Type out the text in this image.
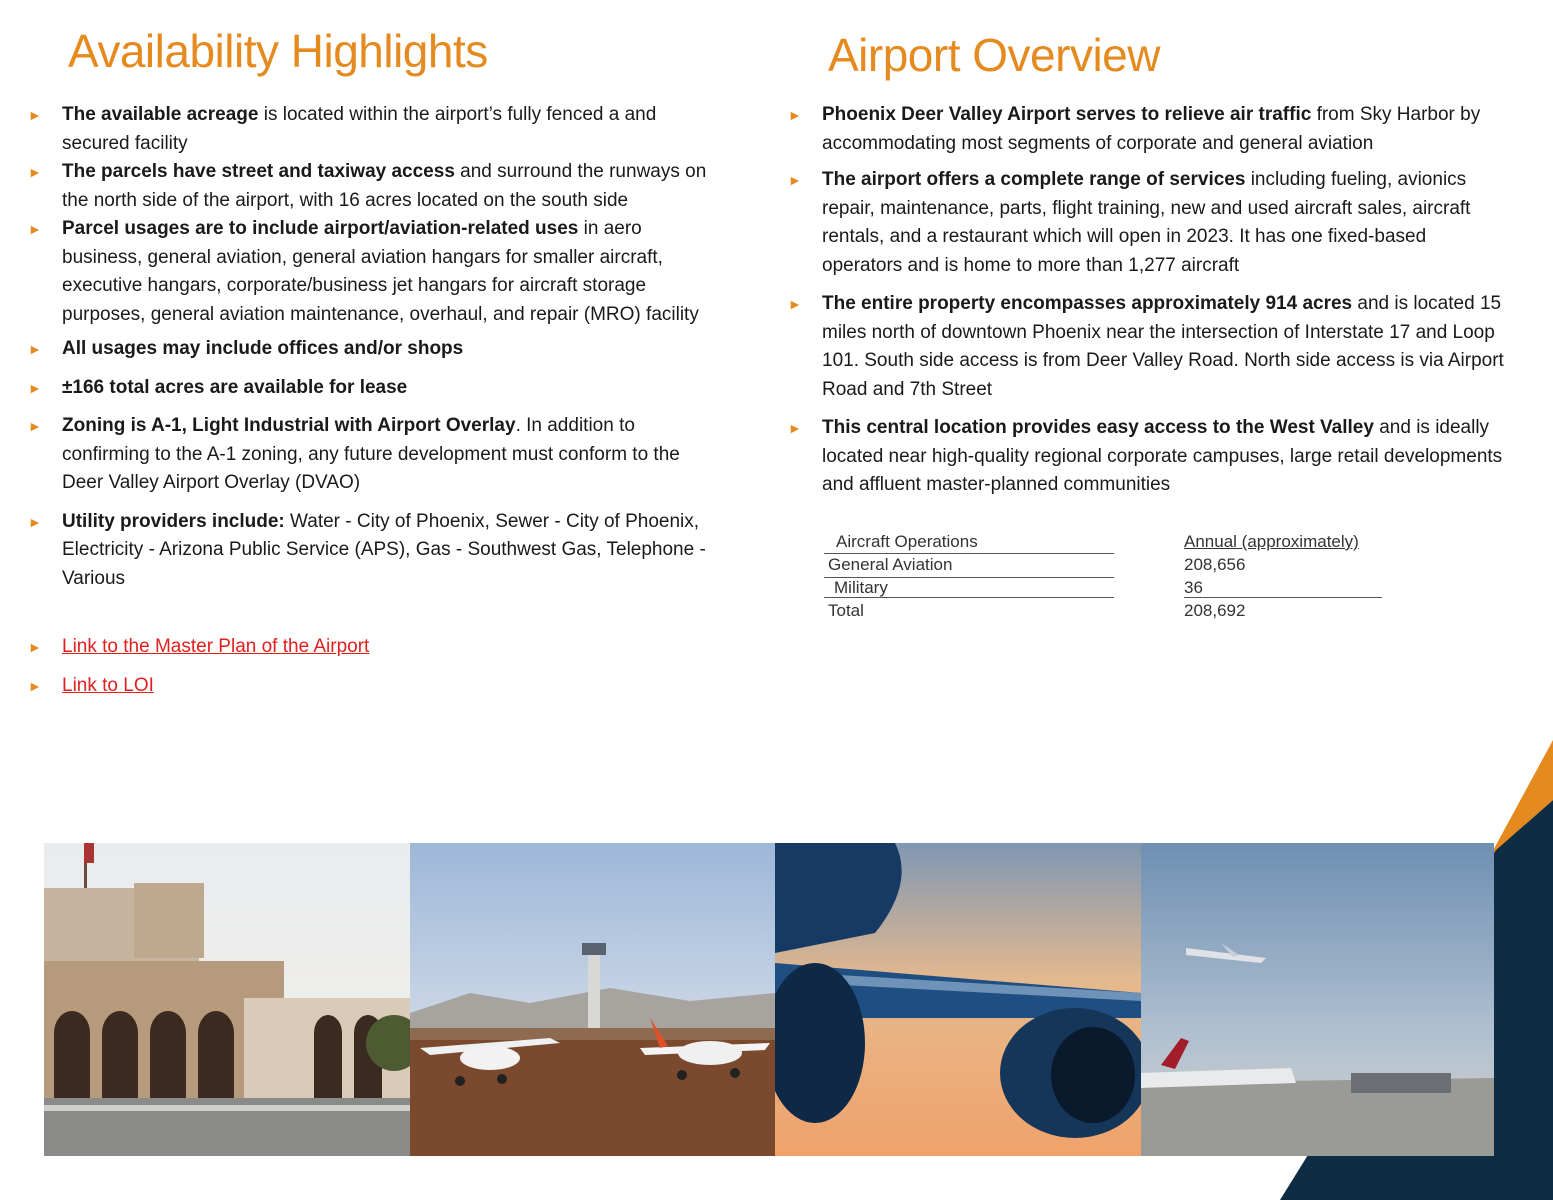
Availability Highlights	Airport Overview
► The available acreage is located within the airport’s fully fenced a and secured facility
► The parcels have street and taxiway access and surround the runways on the north side of the airport, with 16 acres located on the south side
► Parcel usages are to include airport/aviation-related uses in aero business, general aviation, general aviation hangars for smaller aircraft, executive hangars, corporate/business jet hangars for aircraft storage purposes, general aviation maintenance, overhaul, and repair (MRO) facility
► All usages may include offices and/or shops
► ±166 total acres are available for lease
► Zoning is A-1, Light Industrial with Airport Overlay. In addition to confirming to the A-1 zoning, any future development must conform to the Deer Valley Airport Overlay (DVAO)
► Utility providers include: Water - City of Phoenix, Sewer - City of Phoenix, Electricity - Arizona Public Service (APS), Gas - Southwest Gas, Telephone - Various
► Link to the Master Plan of the Airport
► Link to LOI
► Phoenix Deer Valley Airport serves to relieve air traffic from Sky Harbor by accommodating most segments of corporate and general aviation
► The airport offers a complete range of services including fueling, avionics repair, maintenance, parts, flight training, new and used aircraft sales, aircraft rentals, and a restaurant which will open in 2023. It has one fixed-based operators and is home to more than 1,277 aircraft
► The entire property encompasses approximately 914 acres and is located 15 miles north of downtown Phoenix near the intersection of Interstate 17 and Loop 101. South side access is from Deer Valley Road. North side access is via Airport Road and 7th Street
► This central location provides easy access to the West Valley and is ideally located near high-quality regional corporate campuses, large retail developments and affluent master-planned communities
Aircraft Operations	Annual (approximately)
General Aviation	208,656
Military	36
Total	208,692
